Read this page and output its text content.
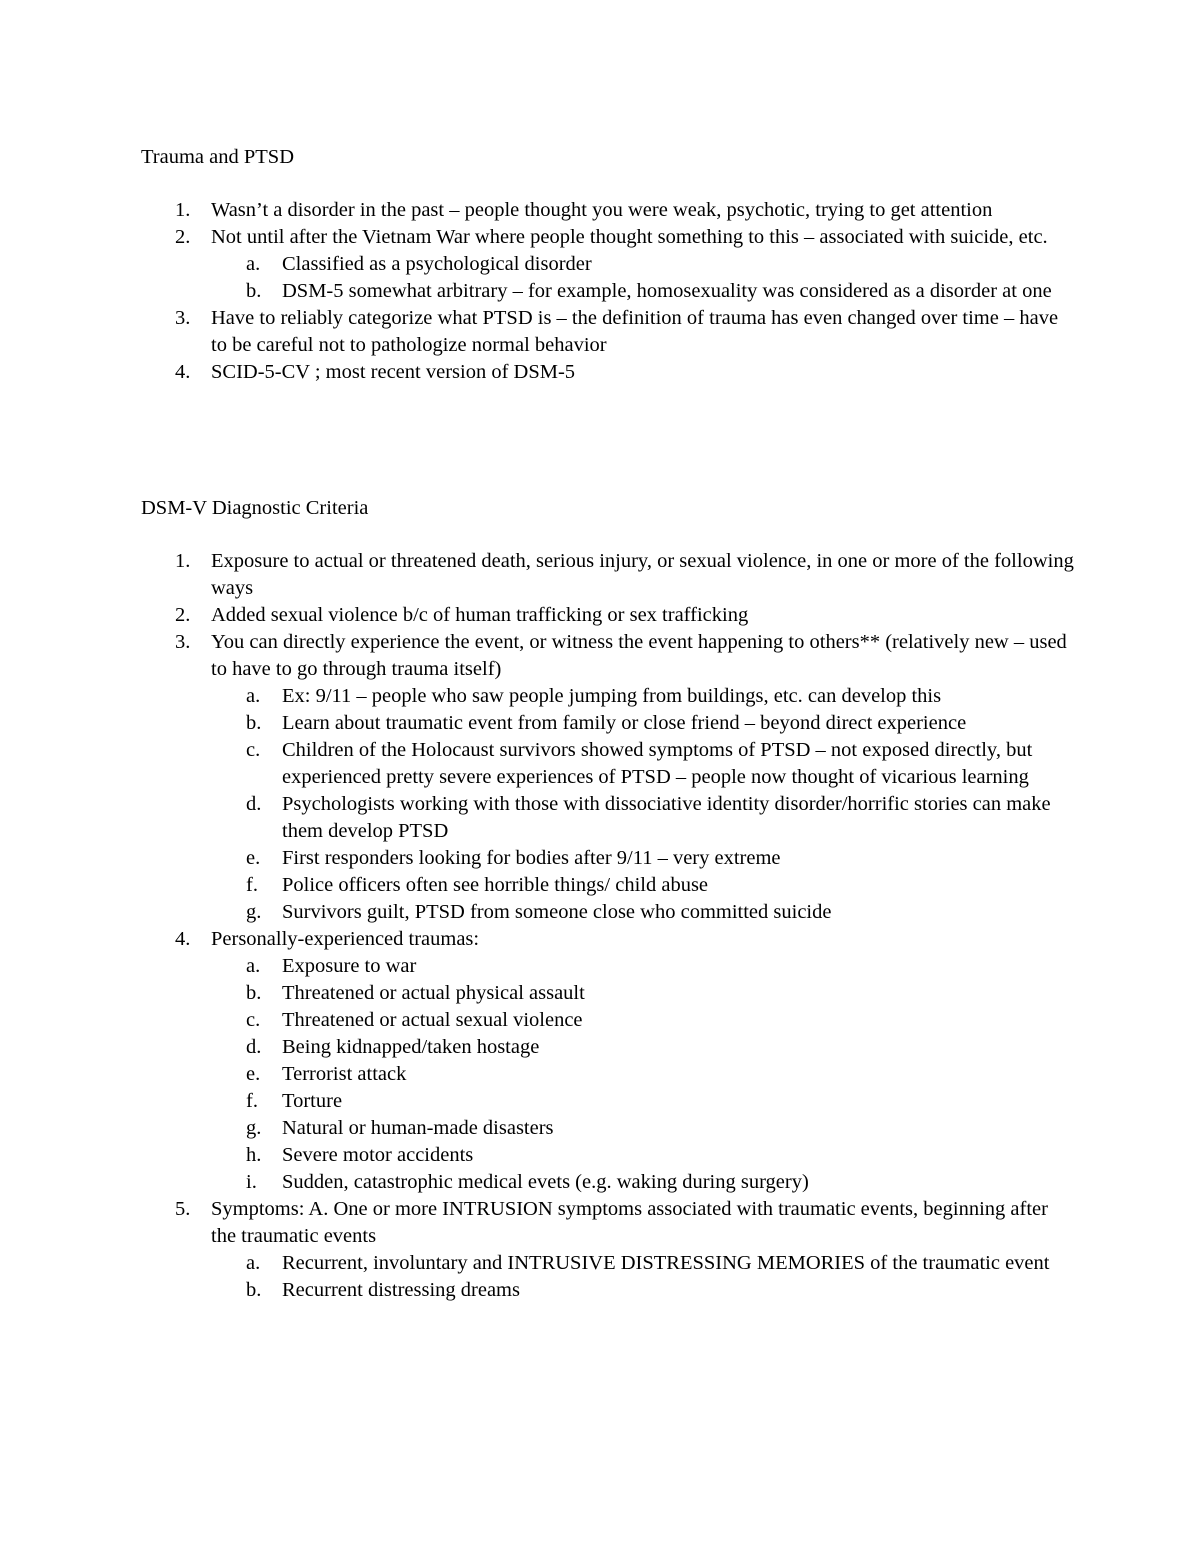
Trauma and PTSD
1. Wasn’t a disorder in the past – people thought you were weak, psychotic, trying to get attention
2. Not until after the Vietnam War where people thought something to this – associated with suicide, etc.
a. Classified as a psychological disorder
b. DSM-5 somewhat arbitrary – for example, homosexuality was considered as a disorder at one
3. Have to reliably categorize what PTSD is – the definition of trauma has even changed over time – have to be careful not to pathologize normal behavior
4. SCID-5-CV ; most recent version of DSM-5
DSM-V Diagnostic Criteria
1. Exposure to actual or threatened death, serious injury, or sexual violence, in one or more of the following ways
2. Added sexual violence b/c of human trafficking or sex trafficking
3. You can directly experience the event, or witness the event happening to others** (relatively new – used to have to go through trauma itself)
a. Ex: 9/11 – people who saw people jumping from buildings, etc. can develop this
b. Learn about traumatic event from family or close friend – beyond direct experience
c. Children of the Holocaust survivors showed symptoms of PTSD – not exposed directly, but experienced pretty severe experiences of PTSD – people now thought of vicarious learning
d. Psychologists working with those with dissociative identity disorder/horrific stories can make them develop PTSD
e. First responders looking for bodies after 9/11 – very extreme
f. Police officers often see horrible things/ child abuse
g. Survivors guilt, PTSD from someone close who committed suicide
4. Personally-experienced traumas:
a. Exposure to war
b. Threatened or actual physical assault
c. Threatened or actual sexual violence
d. Being kidnapped/taken hostage
e. Terrorist attack
f. Torture
g. Natural or human-made disasters
h. Severe motor accidents
i. Sudden, catastrophic medical evets (e.g. waking during surgery)
5. Symptoms: A. One or more INTRUSION symptoms associated with traumatic events, beginning after the traumatic events
a. Recurrent, involuntary and INTRUSIVE DISTRESSING MEMORIES of the traumatic event
b. Recurrent distressing dreams
